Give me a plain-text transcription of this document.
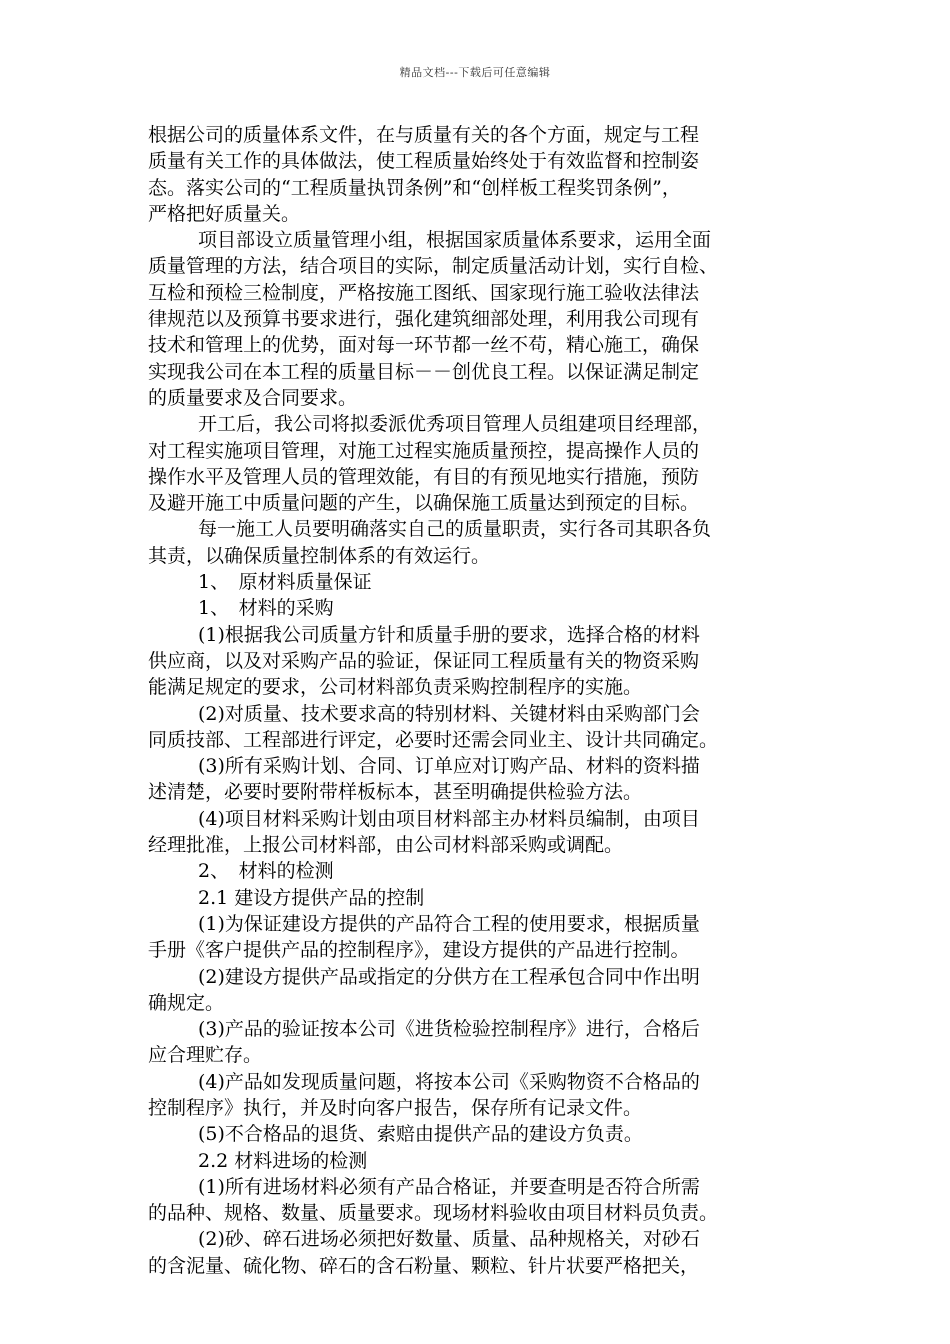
精品文档---下载后可任意编辑
根据公司的质量体系文件，在与质量有关的各个方面，规定与工程
质量有关工作的具体做法，使工程质量始终处于有效监督和控制姿
态。落实公司的“工程质量执罚条例”和“创样板工程奖罚条例”，
严格把好质量关。
项目部设立质量管理小组，根据国家质量体系要求，运用全面
质量管理的方法，结合项目的实际，制定质量活动计划，实行自检、
互检和预检三检制度，严格按施工图纸、国家现行施工验收法律法
律规范以及预算书要求进行，强化建筑细部处理，利用我公司现有
技术和管理上的优势，面对每一环节都一丝不苟，精心施工，确保
实现我公司在本工程的质量目标－－创优良工程。以保证满足制定
的质量要求及合同要求。
开工后，我公司将拟委派优秀项目管理人员组建项目经理部，
对工程实施项目管理，对施工过程实施质量预控，提高操作人员的
操作水平及管理人员的管理效能，有目的有预见地实行措施，预防
及避开施工中质量问题的产生，以确保施工质量达到预定的目标。
每一施工人员要明确落实自己的质量职责，实行各司其职各负
其责，以确保质量控制体系的有效运行。
1、　原材料质量保证
1、　材料的采购
(1)根据我公司质量方针和质量手册的要求，选择合格的材料
供应商，以及对采购产品的验证，保证同工程质量有关的物资采购
能满足规定的要求，公司材料部负责采购控制程序的实施。
(2)对质量、技术要求高的特别材料、关键材料由采购部门会
同质技部、工程部进行评定，必要时还需会同业主、设计共同确定。
(3)所有采购计划、合同、订单应对订购产品、材料的资料描
述清楚，必要时要附带样板标本，甚至明确提供检验方法。
(4)项目材料采购计划由项目材料部主办材料员编制，由项目
经理批准，上报公司材料部，由公司材料部采购或调配。
2、　材料的检测
2.1 建设方提供产品的控制
(1)为保证建设方提供的产品符合工程的使用要求，根据质量
手册《客户提供产品的控制程序》，建设方提供的产品进行控制。
(2)建设方提供产品或指定的分供方在工程承包合同中作出明
确规定。
(3)产品的验证按本公司《进货检验控制程序》进行，合格后
应合理贮存。
(4)产品如发现质量问题，将按本公司《采购物资不合格品的
控制程序》执行，并及时向客户报告，保存所有记录文件。
(5)不合格品的退货、索赔由提供产品的建设方负责。
2.2 材料进场的检测
(1)所有进场材料必须有产品合格证，并要查明是否符合所需
的品种、规格、数量、质量要求。现场材料验收由项目材料员负责。
(2)砂、碎石进场必须把好数量、质量、品种规格关，对砂石
的含泥量、硫化物、碎石的含石粉量、颗粒、针片状要严格把关，
